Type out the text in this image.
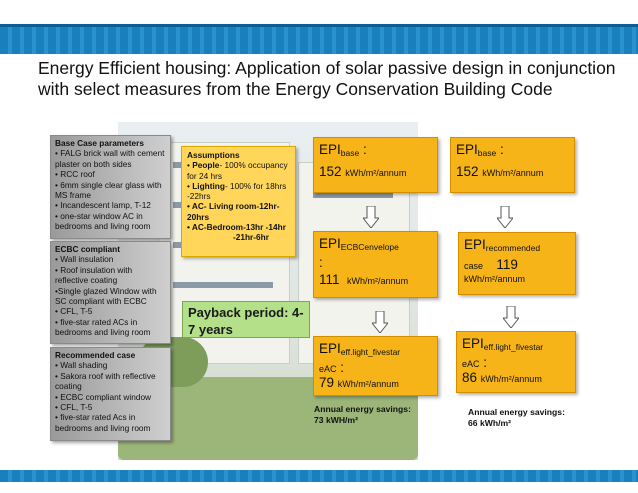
Energy Efficient housing: Application of solar passive design in conjunction with select measures from the Energy Conservation Building Code
Base Case parameters
• FALG brick wall with cement plaster on both sides
• RCC roof
• 6mm single clear glass with MS frame
• Incandescent lamp, T-12
• one-star window AC in bedrooms and living room
ECBC compliant
• Wall insulation
• Roof insulation with reflective coating
•Single glazed Window with SC compliant with ECBC
• CFL, T-5
• five-star rated ACs in bedrooms and living room
Recommended case
• Wall shading
• Sakora roof with reflective coating
• ECBC compliant window
• CFL, T-5
• five-star rated Acs in bedrooms and living room
Assumptions
• People- 100% occupancy for 24 hrs
• Lighting- 100% for 18hrs -22hrs
• AC- Living room-12hr-20hrs
• AC-Bedroom-13hr -14hr
-21hr-6hr
Payback period: 4-7 years
$EPI_{base}$ :
152 kWh/m²/annum
$EPI_{ECBCenvelope}$
:
111 kWh/m²/annum
$EPI_{eff.light\_fivestar}$
eAC :
79 kWh/m²/annum
Annual energy savings:
73 kWH/m²
$EPI_{base}$ :
152 kWh/m²/annum
$EPI_{recommended}$
case 119
kWh/m²/annum
$EPI_{eff.light\_fivestar}$
eAC :
86 kWh/m²/annum
Annual energy savings:
66 kWh/m²
